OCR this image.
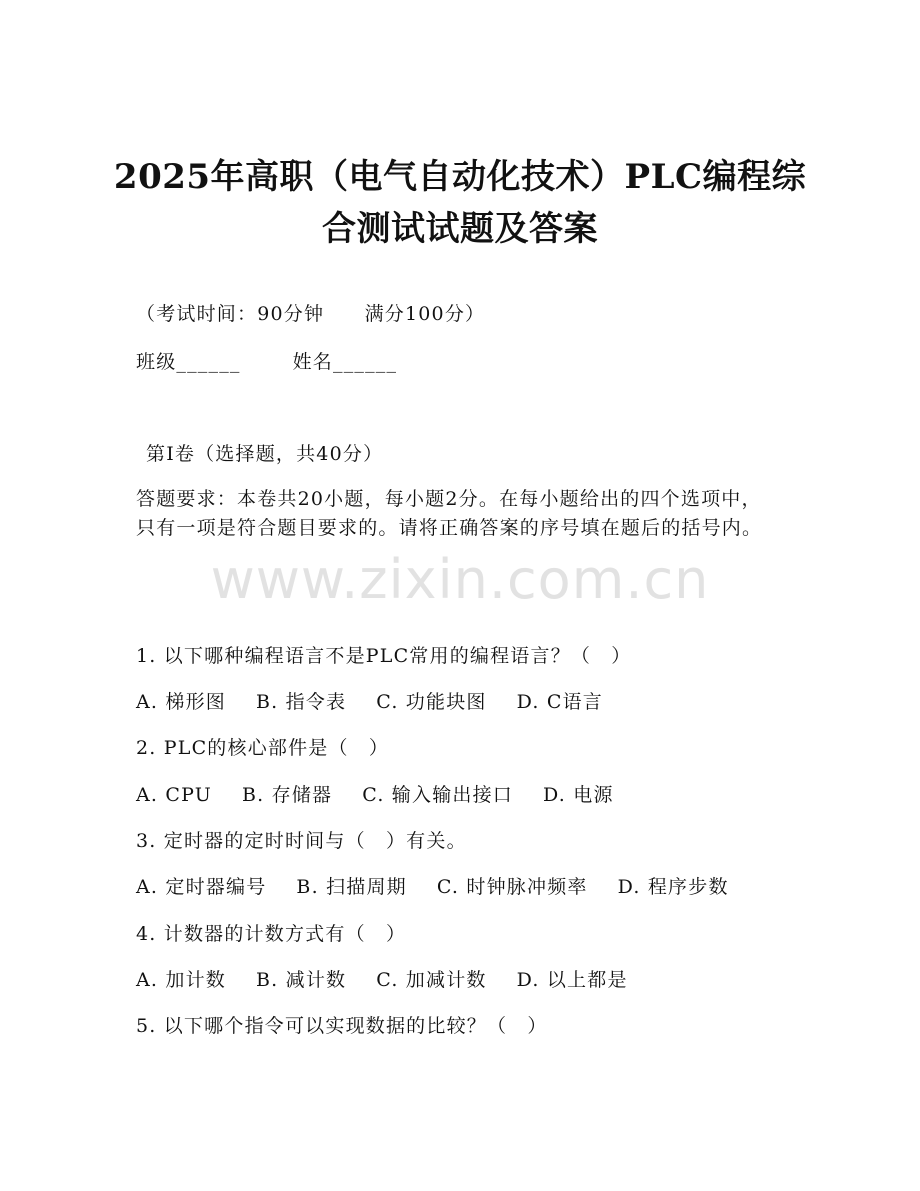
2025年高职（电气自动化技术）PLC编程综
合测试试题及答案

（考试时间：90分钟　　满分100分）

班级______	姓名______

第I卷（选择题，共40分）

答题要求：本卷共20小题，每小题2分。在每小题给出的四个选项中，只有一项是符合题目要求的。请将正确答案的序号填在题后的括号内。

www.zixin.com.cn

1. 以下哪种编程语言不是PLC常用的编程语言？（　）

A. 梯形图 B. 指令表 C. 功能块图 D. C语言

2. PLC的核心部件是（　）

A. CPU B. 存储器 C. 输入输出接口 D. 电源

3. 定时器的定时时间与（　）有关。

A. 定时器编号 B. 扫描周期 C. 时钟脉冲频率 D. 程序步数

4. 计数器的计数方式有（　）

A. 加计数 B. 减计数 C. 加减计数 D. 以上都是

5. 以下哪个指令可以实现数据的比较？（　）
